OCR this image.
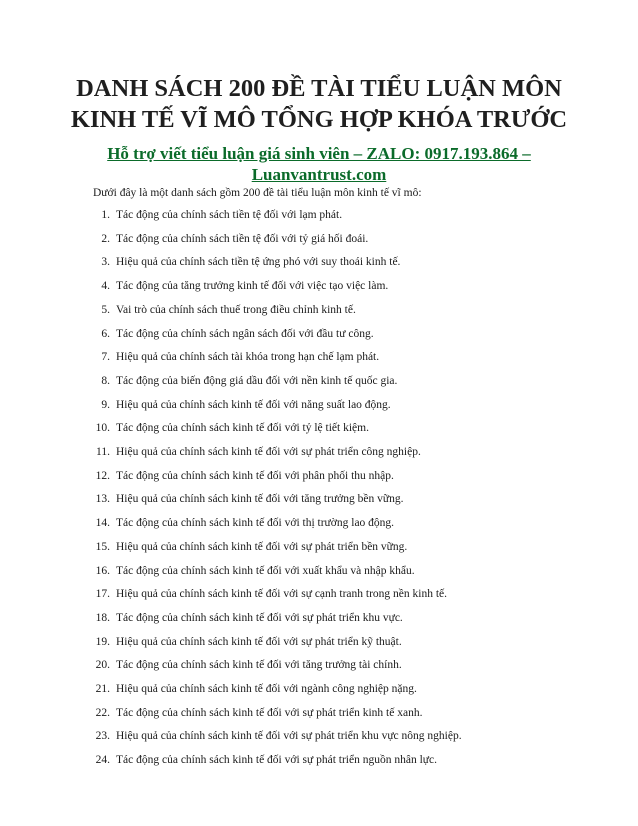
DANH SÁCH 200 ĐỀ TÀI TIỂU LUẬN MÔN
KINH TẾ VĨ MÔ TỔNG HỢP KHÓA TRƯỚC
Hỗ trợ viết tiểu luận giá sinh viên – ZALO: 0917.193.864 –
Luanvantrust.com
Dưới đây là một danh sách gồm 200 đề tài tiểu luận môn kinh tế vĩ mô:
1. Tác động của chính sách tiền tệ đối với lạm phát.
2. Tác động của chính sách tiền tệ đối với tỷ giá hối đoái.
3. Hiệu quả của chính sách tiền tệ ứng phó với suy thoái kinh tế.
4. Tác động của tăng trưởng kinh tế đối với việc tạo việc làm.
5. Vai trò của chính sách thuế trong điều chỉnh kinh tế.
6. Tác động của chính sách ngân sách đối với đầu tư công.
7. Hiệu quả của chính sách tài khóa trong hạn chế lạm phát.
8. Tác động của biến động giá dầu đối với nền kinh tế quốc gia.
9. Hiệu quả của chính sách kinh tế đối với năng suất lao động.
10. Tác động của chính sách kinh tế đối với tỷ lệ tiết kiệm.
11. Hiệu quả của chính sách kinh tế đối với sự phát triển công nghiệp.
12. Tác động của chính sách kinh tế đối với phân phối thu nhập.
13. Hiệu quả của chính sách kinh tế đối với tăng trưởng bền vững.
14. Tác động của chính sách kinh tế đối với thị trường lao động.
15. Hiệu quả của chính sách kinh tế đối với sự phát triển bền vững.
16. Tác động của chính sách kinh tế đối với xuất khẩu và nhập khẩu.
17. Hiệu quả của chính sách kinh tế đối với sự cạnh tranh trong nền kinh tế.
18. Tác động của chính sách kinh tế đối với sự phát triển khu vực.
19. Hiệu quả của chính sách kinh tế đối với sự phát triển kỹ thuật.
20. Tác động của chính sách kinh tế đối với tăng trưởng tài chính.
21. Hiệu quả của chính sách kinh tế đối với ngành công nghiệp nặng.
22. Tác động của chính sách kinh tế đối với sự phát triển kinh tế xanh.
23. Hiệu quả của chính sách kinh tế đối với sự phát triển khu vực nông nghiệp.
24. Tác động của chính sách kinh tế đối với sự phát triển nguồn nhân lực.
